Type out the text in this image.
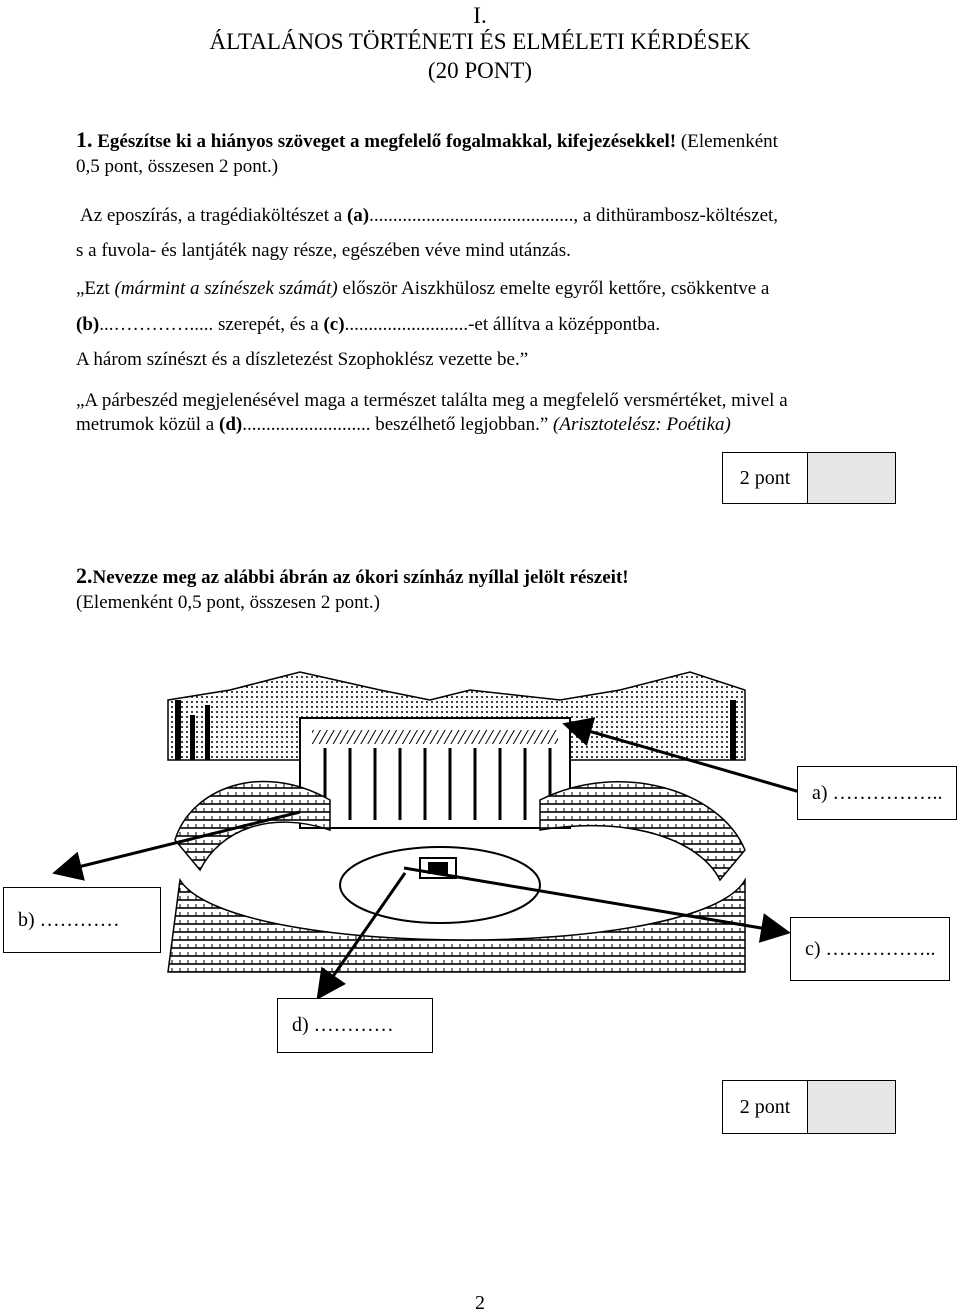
I.
ÁLTALÁNOS TÖRTÉNETI ÉS ELMÉLETI KÉRDÉSEK
(20 PONT)
1. Egészítse ki a hiányos szöveget a megfelelő fogalmakkal, kifejezésekkel! (Elemenként
0,5 pont, összesen 2 pont.)
Az eposzírás, a tragédiaköltészet a (a)..........................................., a dithürambosz-költészet,
s a fuvola- és lantjáték nagy része, egészében véve mind utánzás.
„Ezt (mármint a színészek számát) először Aiszkhülosz emelte egyről kettőre, csökkentve a
(b)...…………..... szerepét, és a (c)..........................-et állítva a középpontba.
A három színészt és a díszletezést Szophoklész vezette be.”
„A párbeszéd megjelenésével maga a természet találta meg a megfelelő versmértéket, mivel a
metrumok közül a (d)........................... beszélhető legjobban.” (Arisztotelész: Poétika)
2 pont
2.Nevezze meg az alábbi ábrán az ókori színház nyíllal jelölt részeit!
(Elemenként 0,5 pont, összesen 2 pont.)
a) ……………..
b) …………
c) ……………..
d) …………
2 pont
2
